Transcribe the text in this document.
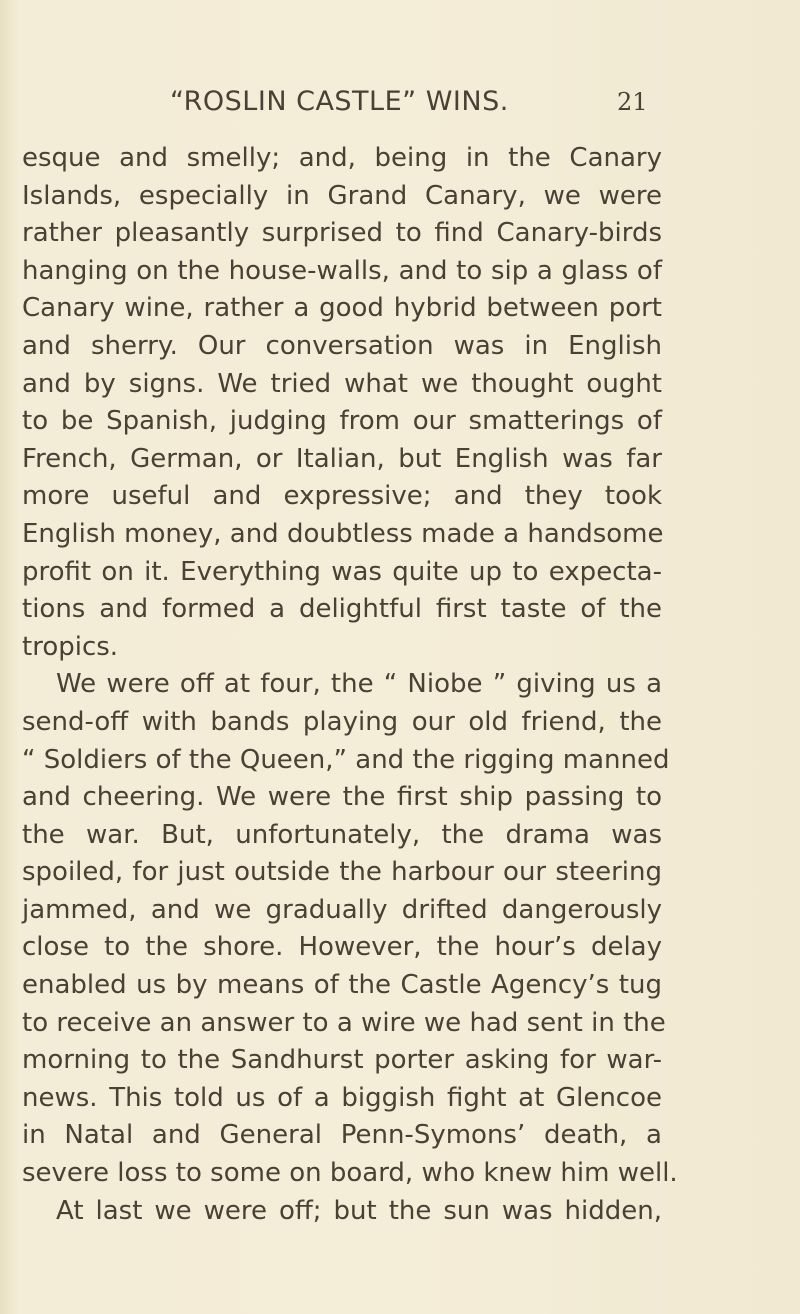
“ROSLIN CASTLE” WINS.	21
esque and smelly; and, being in the Canary
Islands, especially in Grand Canary, we were
rather pleasantly surprised to find Canary-birds
hanging on the house-walls, and to sip a glass of
Canary wine, rather a good hybrid between port
and sherry. Our conversation was in English
and by signs. We tried what we thought ought
to be Spanish, judging from our smatterings of
French, German, or Italian, but English was far
more useful and expressive; and they took
English money, and doubtless made a handsome
profit on it. Everything was quite up to expecta-
tions and formed a delightful first taste of the
tropics.
We were off at four, the “ Niobe ” giving us a
send-off with bands playing our old friend, the
“ Soldiers of the Queen,” and the rigging manned
and cheering. We were the first ship passing to
the war. But, unfortunately, the drama was
spoiled, for just outside the harbour our steering
jammed, and we gradually drifted dangerously
close to the shore. However, the hour’s delay
enabled us by means of the Castle Agency’s tug
to receive an answer to a wire we had sent in the
morning to the Sandhurst porter asking for war-
news. This told us of a biggish fight at Glencoe
in Natal and General Penn-Symons’ death, a
severe loss to some on board, who knew him well.
At last we were off; but the sun was hidden,
